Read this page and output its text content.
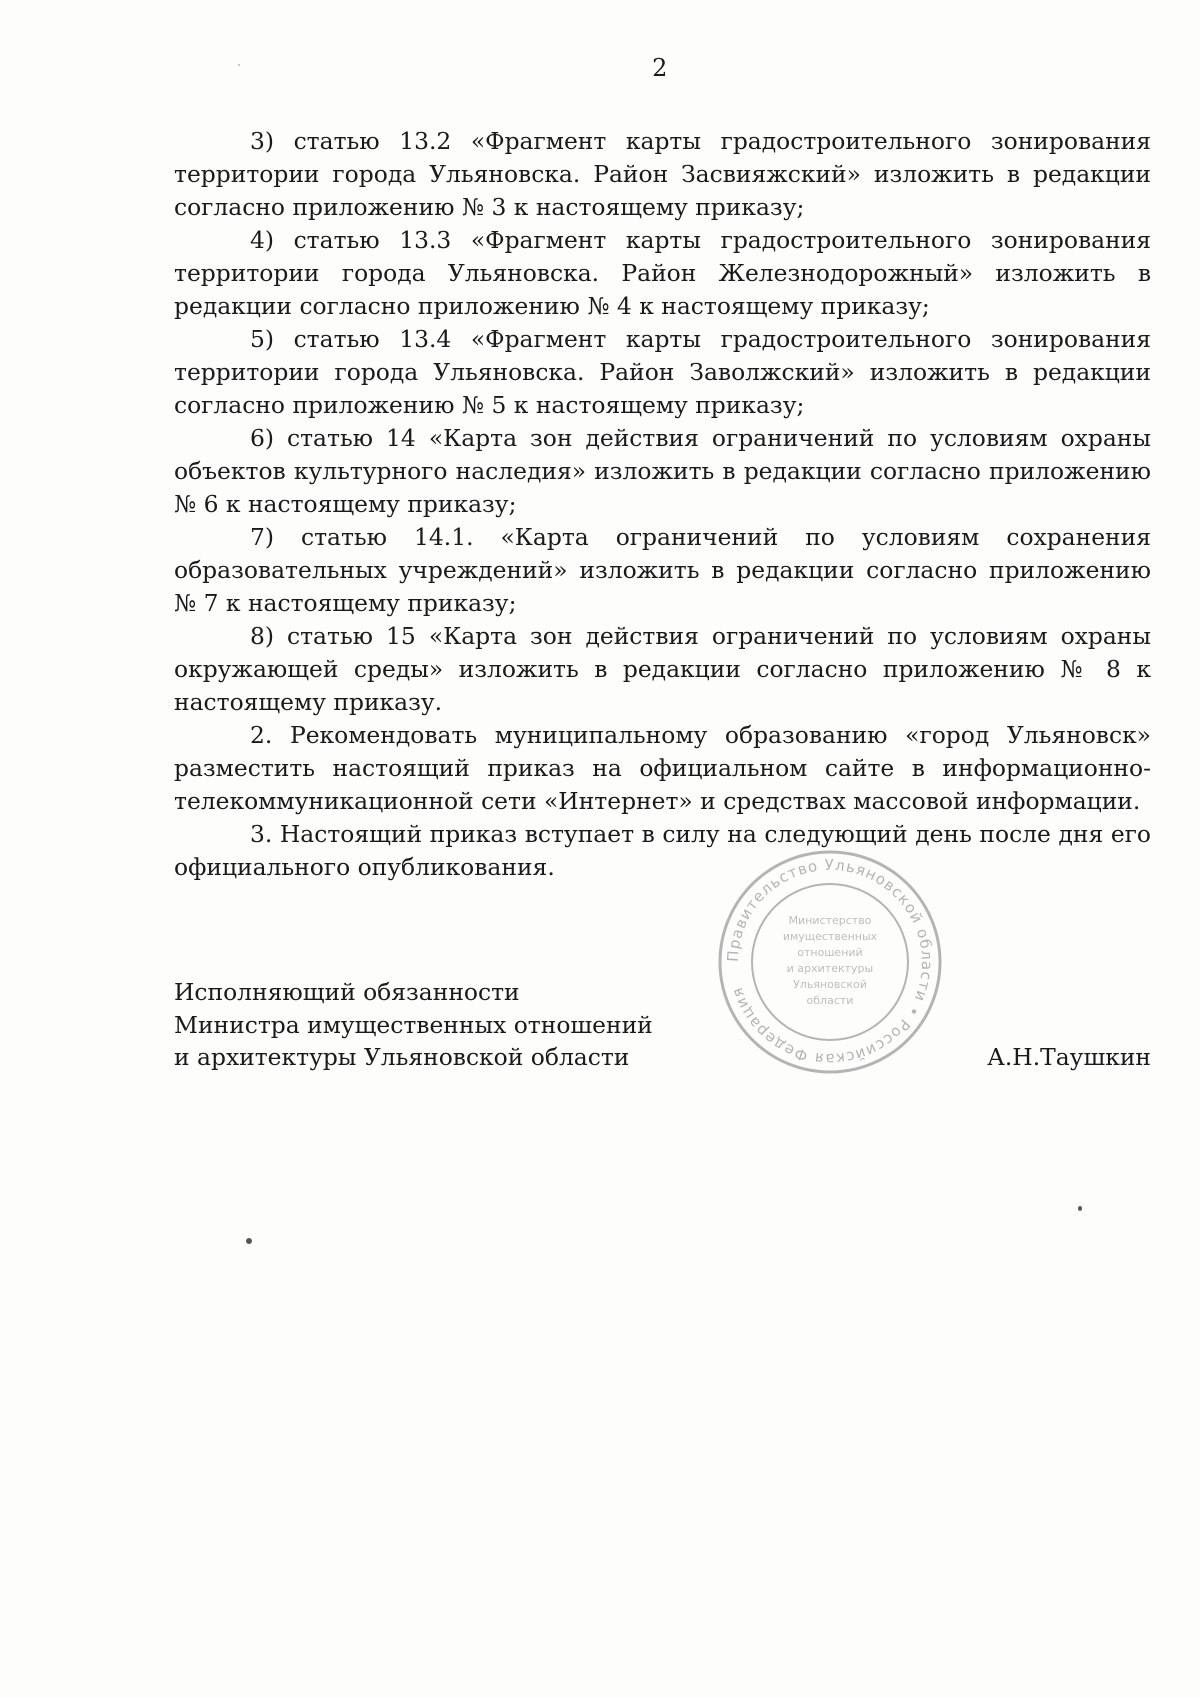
2

3) статью 13.2 «Фрагмент карты градостроительного зонирования территории города Ульяновска. Район Засвияжский» изложить в редакции согласно приложению № 3 к настоящему приказу;

4) статью 13.3 «Фрагмент карты градостроительного зонирования территории города Ульяновска. Район Железнодорожный» изложить в редакции согласно приложению № 4 к настоящему приказу;

5) статью 13.4 «Фрагмент карты градостроительного зонирования территории города Ульяновска. Район Заволжский» изложить в редакции согласно приложению № 5 к настоящему приказу;

6) статью 14 «Карта зон действия ограничений по условиям охраны объектов культурного наследия» изложить в редакции согласно приложению № 6 к настоящему приказу;

7) статью 14.1. «Карта ограничений по условиям сохранения образовательных учреждений» изложить в редакции согласно приложению № 7 к настоящему приказу;

8) статью 15 «Карта зон действия ограничений по условиям охраны окружающей среды» изложить в редакции согласно приложению № 8 к настоящему приказу.

2. Рекомендовать муниципальному образованию «город Ульяновск» разместить настоящий приказ на официальном сайте в информационно-телекоммуникационной сети «Интернет» и средствах массовой информации.

3. Настоящий приказ вступает в силу на следующий день после дня его официального опубликования.

Правительство Ульяновской области • Российская Федерация
Министерство
имущественных
отношений
и архитектуры
Ульяновской
области
Исполняющий обязанности
Министра имущественных отношений
и архитектуры Ульяновской области	А.Н.Таушкин
